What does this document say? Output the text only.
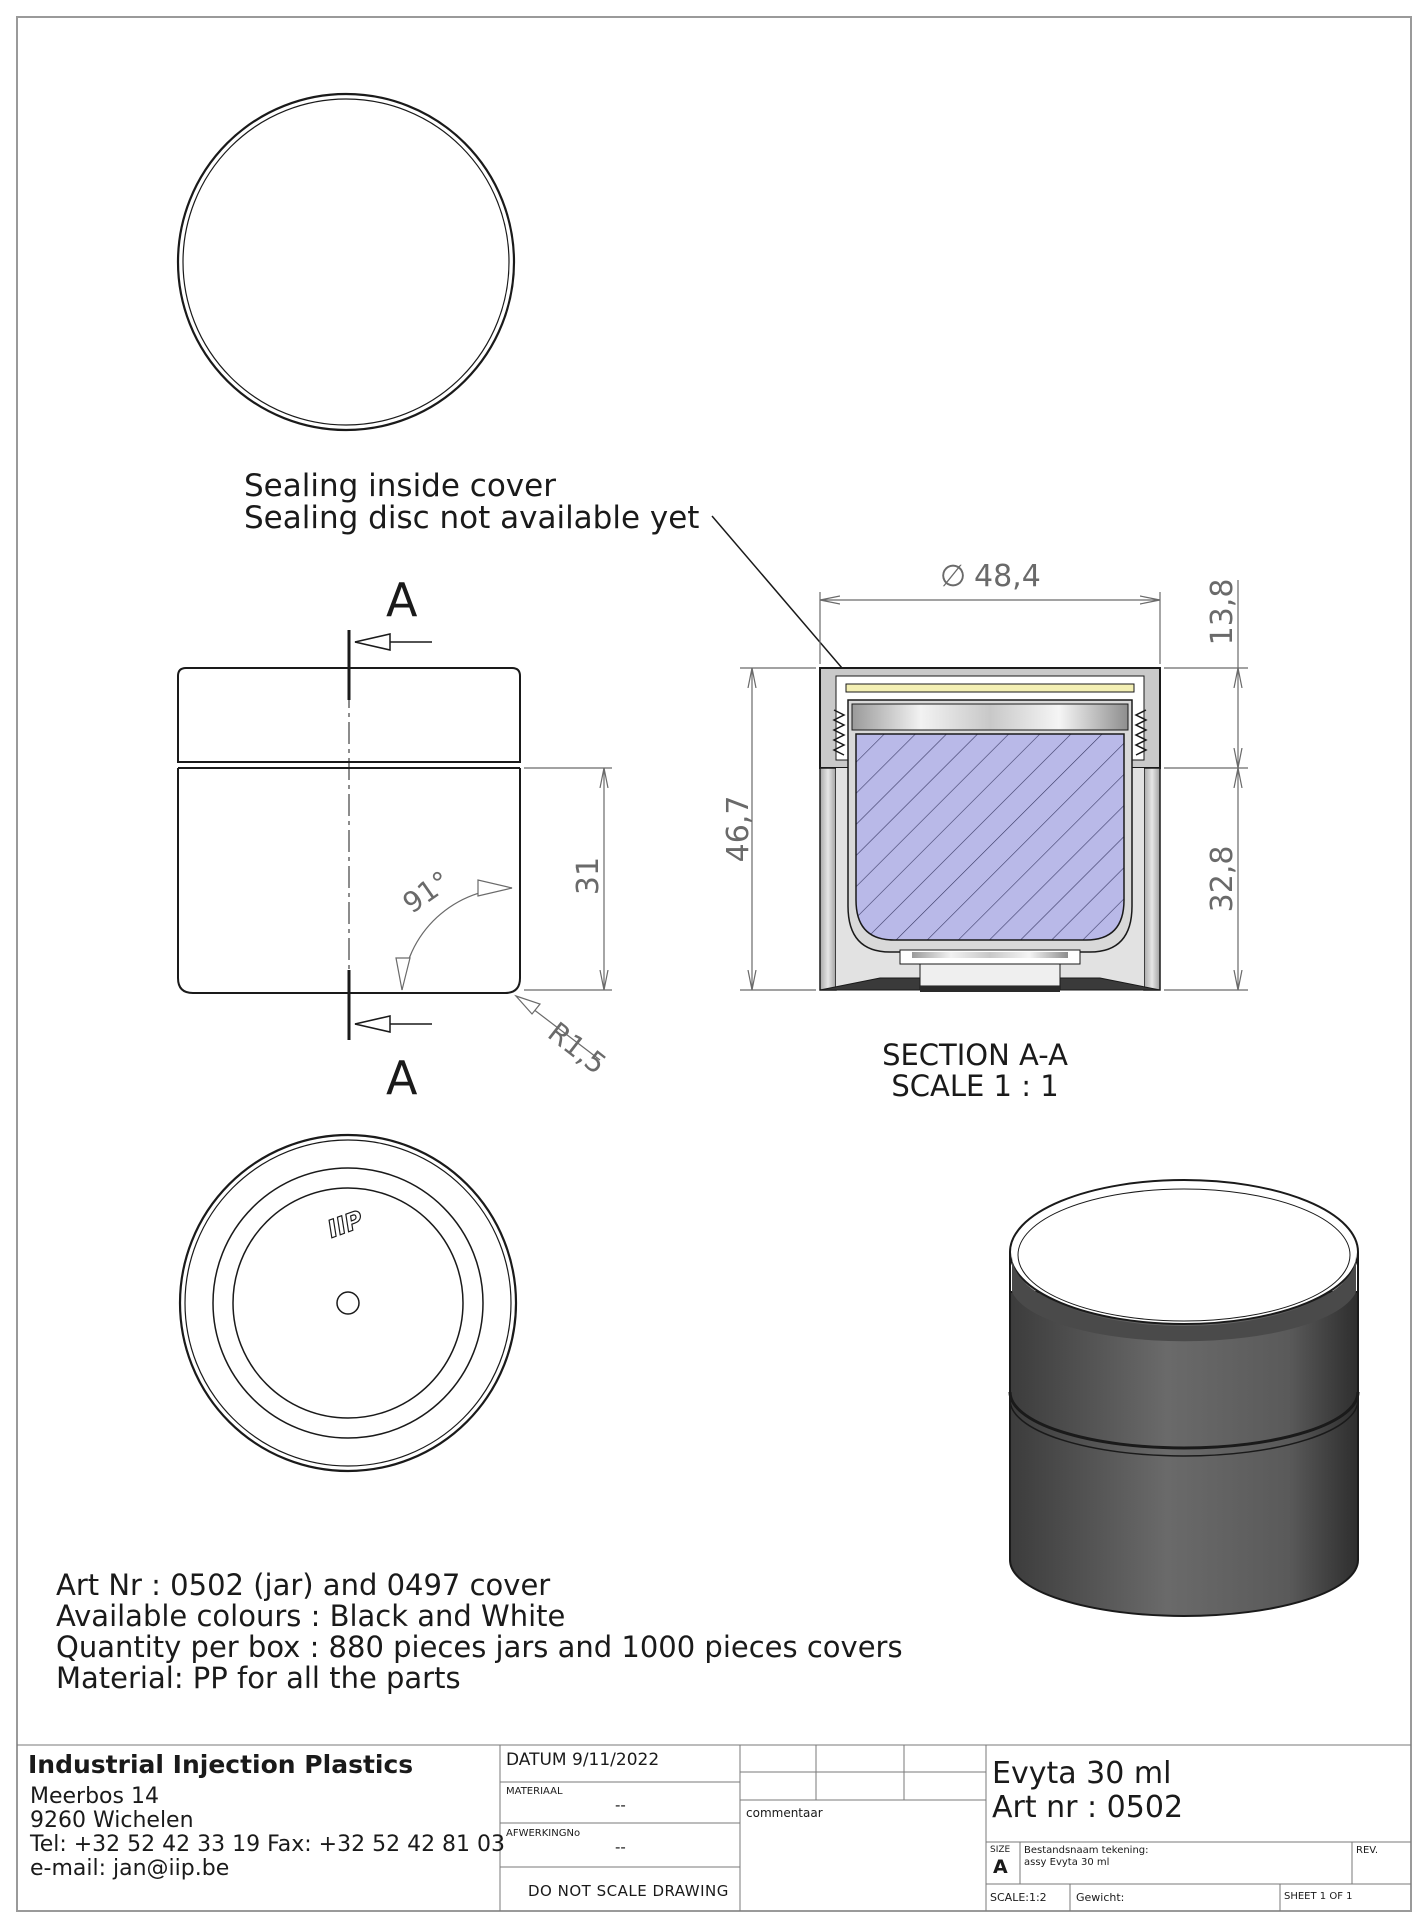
A
A
31
91°
R1,5
∅ 48,4
46,7
13,8
32,8
IIP
Sealing inside cover
Sealing disc not available yet
SECTION A-A
SCALE 1 : 1
Art Nr : 0502 (jar) and 0497 cover
Available colours : Black and White
Quantity per box : 880 pieces jars and 1000 pieces covers
Material: PP for all the parts
Industrial Injection Plastics
Meerbos 14
9260 Wichelen
Tel: +32 52 42 33 19 Fax: +32 52 42 81 03
e-mail: jan@iip.be
DATUM 9/11/2022
MATERIAAL
--
AFWERKINGNo
--
DO NOT SCALE DRAWING
commentaar
Evyta 30 ml
Art nr : 0502
SIZE
A
Bestandsnaam tekening:
assy Evyta 30 ml
REV.
SCALE:1:2	Gewicht:	SHEET 1 OF 1
